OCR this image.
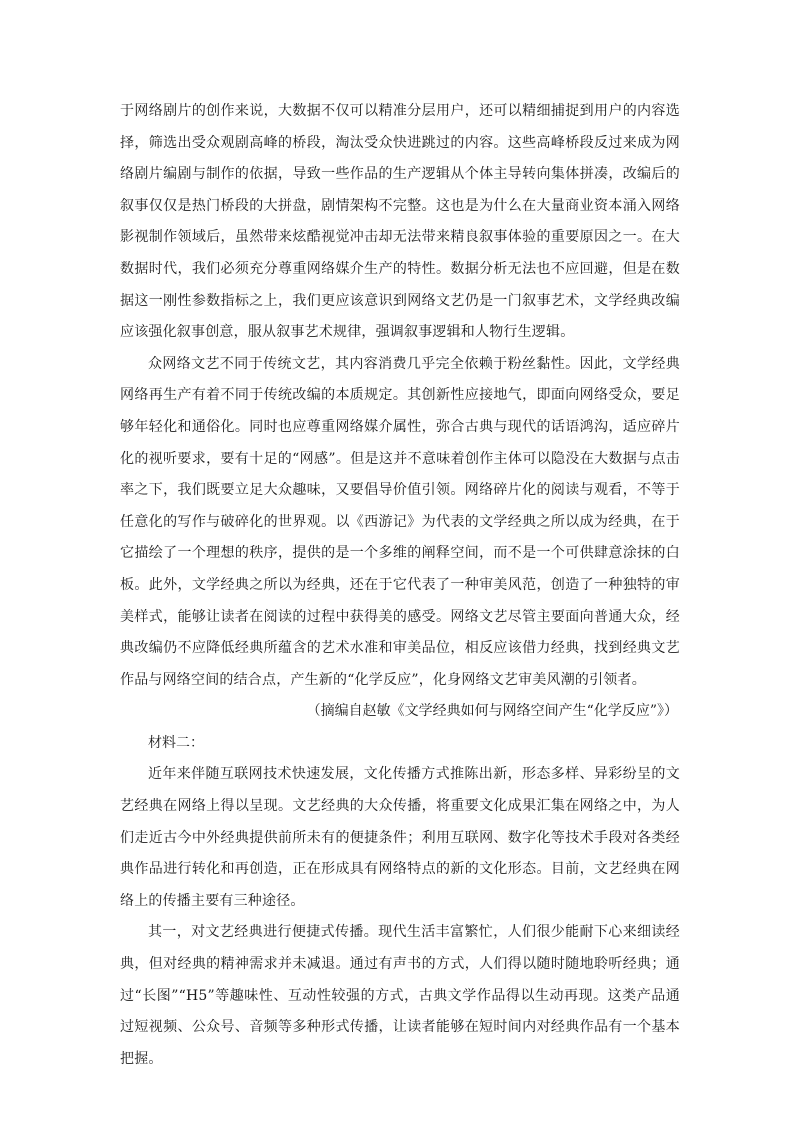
于网络剧片的创作来说，大数据不仅可以精准分层用户，还可以精细捕捉到用户的内容选择，筛选出受众观剧高峰的桥段，淘汰受众快进跳过的内容。这些高峰桥段反过来成为网络剧片编剧与制作的依据，导致一些作品的生产逻辑从个体主导转向集体拼凑，改编后的叙事仅仅是热门桥段的大拼盘，剧情架构不完整。这也是为什么在大量商业资本涌入网络影视制作领域后，虽然带来炫酷视觉冲击却无法带来精良叙事体验的重要原因之一。在大数据时代，我们必须充分尊重网络媒介生产的特性。数据分析无法也不应回避，但是在数据这一刚性参数指标之上，我们更应该意识到网络文艺仍是一门叙事艺术，文学经典改编应该强化叙事创意，服从叙事艺术规律，强调叙事逻辑和人物行生逻辑。

众网络文艺不同于传统文艺，其内容消费几乎完全依赖于粉丝黏性。因此，文学经典网络再生产有着不同于传统改编的本质规定。其创新性应接地气，即面向网络受众，要足够年轻化和通俗化。同时也应尊重网络媒介属性，弥合古典与现代的话语鸿沟，适应碎片化的视听要求，要有十足的“网感”。但是这并不意味着创作主体可以隐没在大数据与点击率之下，我们既要立足大众趣味，又要倡导价值引领。网络碎片化的阅读与观看，不等于任意化的写作与破碎化的世界观。以《西游记》为代表的文学经典之所以成为经典，在于它描绘了一个理想的秩序，提供的是一个多维的阐释空间，而不是一个可供肆意涂抹的白板。此外，文学经典之所以为经典，还在于它代表了一种审美风范，创造了一种独特的审美样式，能够让读者在阅读的过程中获得美的感受。网络文艺尽管主要面向普通大众，经典改编仍不应降低经典所蕴含的艺术水准和审美品位，相反应该借力经典，找到经典文艺作品与网络空间的结合点，产生新的“化学反应”，化身网络文艺审美风潮的引领者。

（摘编自赵敏《文学经典如何与网络空间产生“化学反应”》）

材料二：

近年来伴随互联网技术快速发展，文化传播方式推陈出新，形态多样、异彩纷呈的文艺经典在网络上得以呈现。文艺经典的大众传播，将重要文化成果汇集在网络之中，为人们走近古今中外经典提供前所未有的便捷条件；利用互联网、数字化等技术手段对各类经典作品进行转化和再创造，正在形成具有网络特点的新的文化形态。目前，文艺经典在网络上的传播主要有三种途径。

其一，对文艺经典进行便捷式传播。现代生活丰富繁忙，人们很少能耐下心来细读经典，但对经典的精神需求并未减退。通过有声书的方式，人们得以随时随地聆听经典；通过“长图”“H5”等趣味性、互动性较强的方式，古典文学作品得以生动再现。这类产品通过短视频、公众号、音频等多种形式传播，让读者能够在短时间内对经典作品有一个基本把握。
